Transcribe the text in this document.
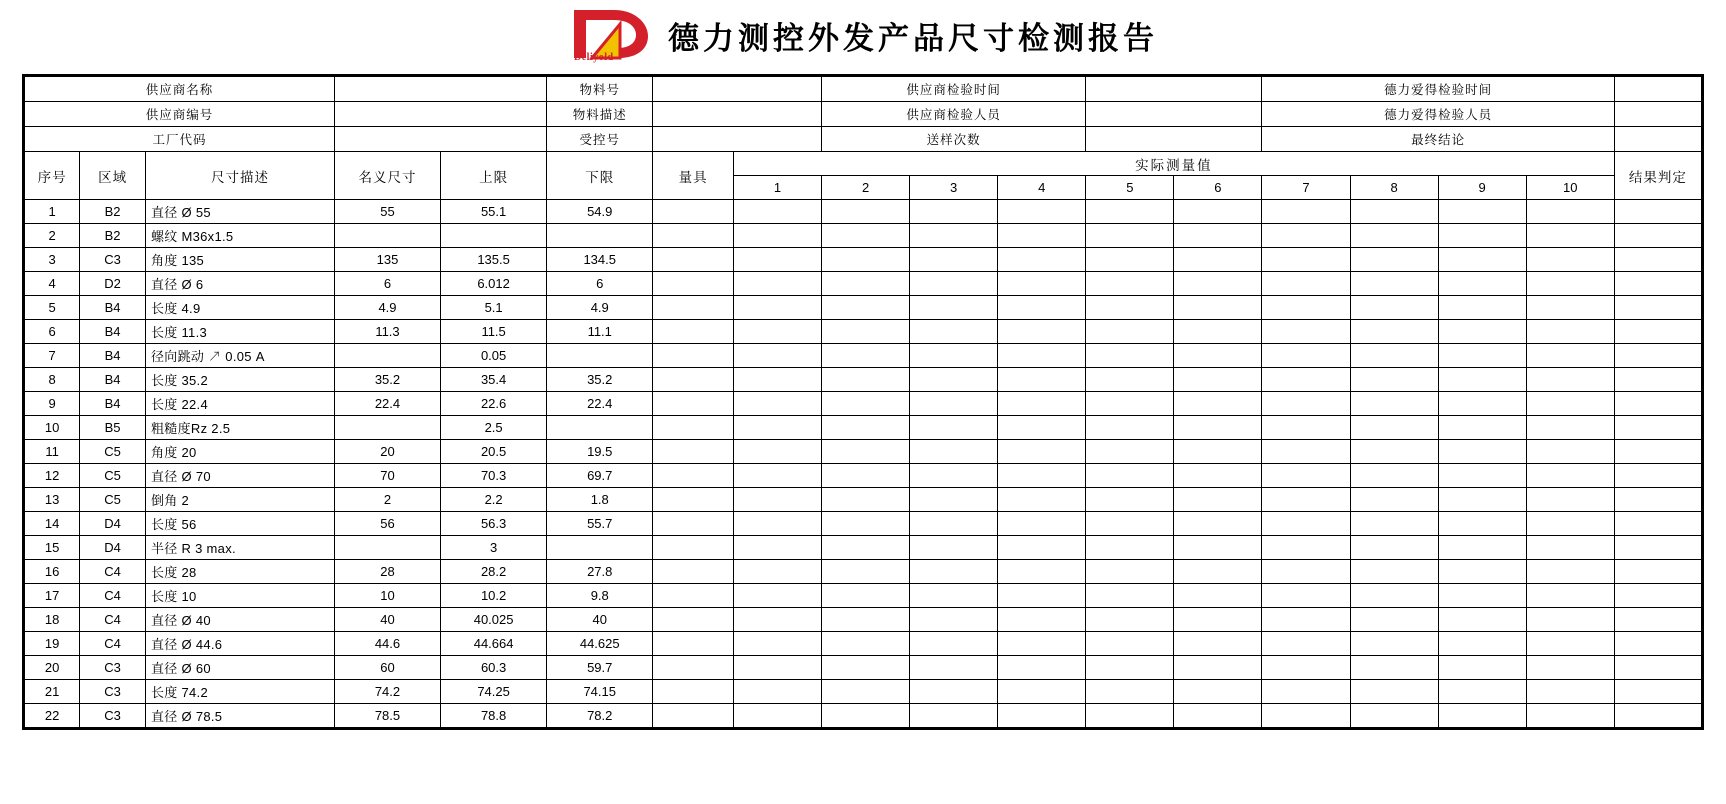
Deliyold
德力测控外发产品尺寸检测报告
供应商名称					物料号			供应商检验时间					德力爱得检验时间				
供应商编号					物料描述			供应商检验人员					德力爱得检验人员				
工厂代码					受控号			送样次数					最终结论				
序号	区域	尺寸描述	名义尺寸	上限	下限	量具	实际测量值										结果判定
							1	2	3	4	5	6	7	8	9	10	
1	B2	直径 Ø 55	55	55.1	54.9												
2	B2	螺纹 M36x1.5															
3	C3	角度 135	135	135.5	134.5												
4	D2	直径 Ø 6	6	6.012	6												
5	B4	长度 4.9	4.9	5.1	4.9												
6	B4	长度 11.3	11.3	11.5	11.1												
7	B4	径向跳动 ↗ 0.05 A		0.05													
8	B4	长度 35.2	35.2	35.4	35.2												
9	B4	长度 22.4	22.4	22.6	22.4												
10	B5	粗糙度Rz 2.5		2.5													
11	C5	角度 20	20	20.5	19.5												
12	C5	直径 Ø 70	70	70.3	69.7												
13	C5	倒角 2	2	2.2	1.8												
14	D4	长度 56	56	56.3	55.7												
15	D4	半径 R 3 max.		3													
16	C4	长度 28	28	28.2	27.8												
17	C4	长度 10	10	10.2	9.8												
18	C4	直径 Ø 40	40	40.025	40												
19	C4	直径 Ø 44.6	44.6	44.664	44.625												
20	C3	直径 Ø 60	60	60.3	59.7												
21	C3	长度 74.2	74.2	74.25	74.15												
22	C3	直径 Ø 78.5	78.5	78.8	78.2												
